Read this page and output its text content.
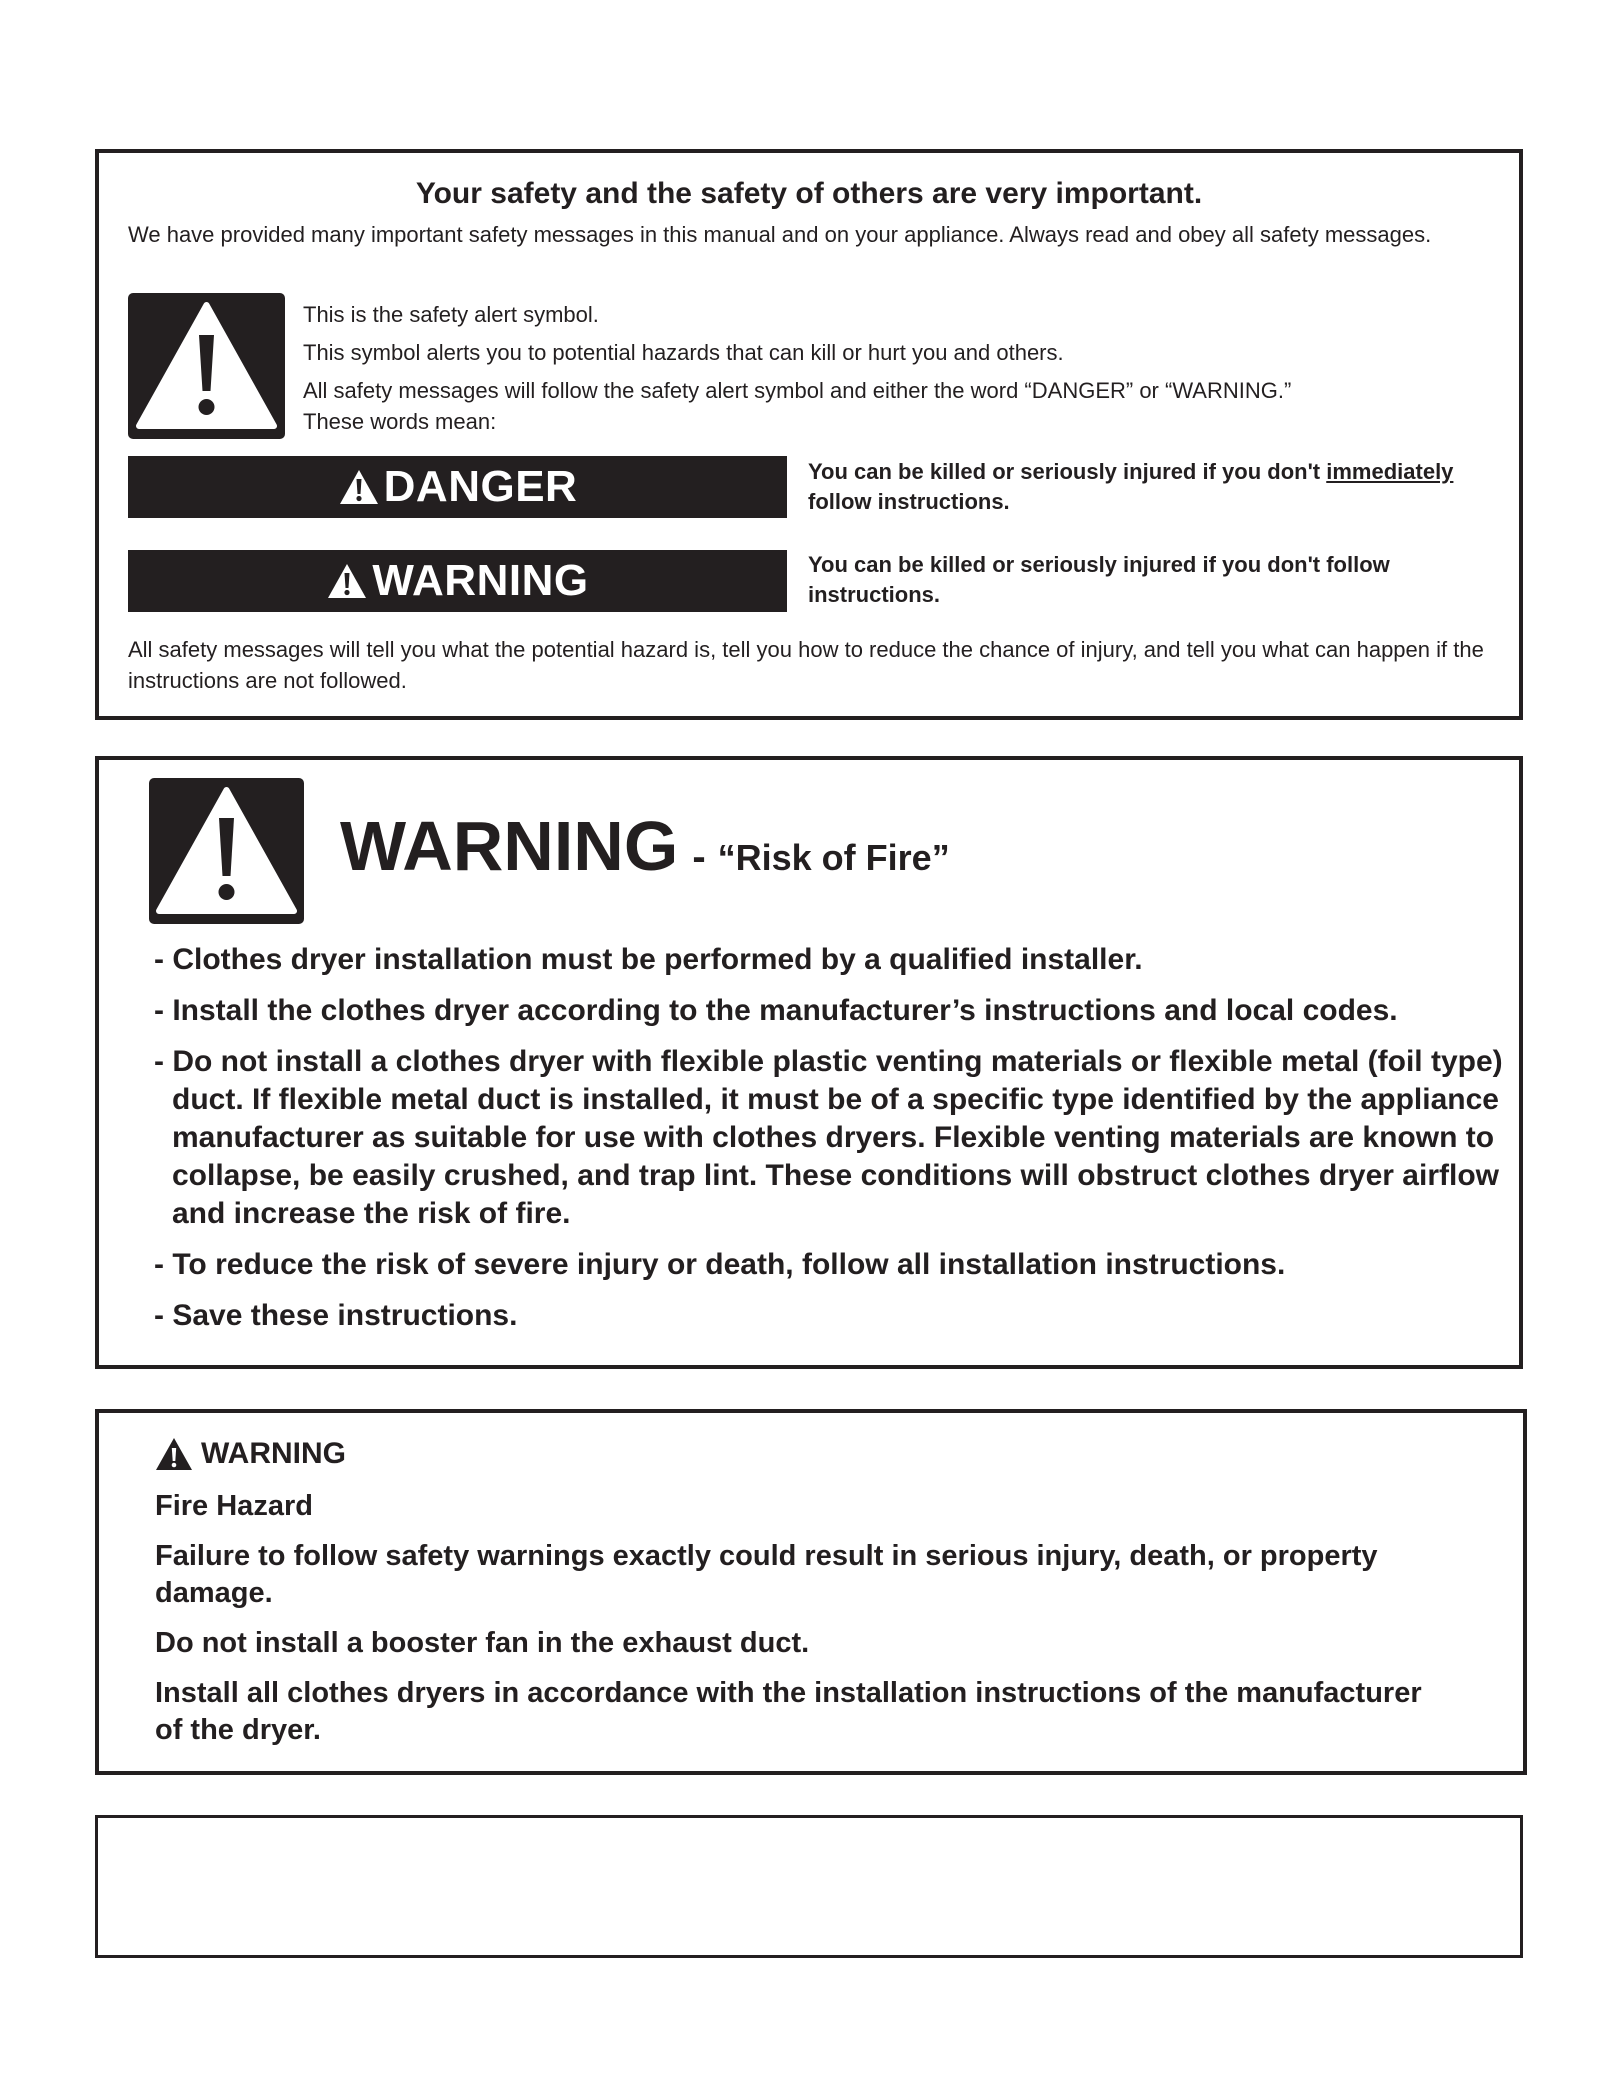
Your safety and the safety of others are very important.
We have provided many important safety messages in this manual and on your appliance. Always read and obey all safety messages.

This is the safety alert symbol.

This symbol alerts you to potential hazards that can kill or hurt you and others.

All safety messages will follow the safety alert symbol and either the word “DANGER” or “WARNING.”

These words mean:

DANGER	You can be killed or seriously injured if you don't immediately follow instructions.
WARNING	You can be killed or seriously injured if you don't follow instructions.
All safety messages will tell you what the potential hazard is, tell you how to reduce the chance of injury, and tell you what can happen if the instructions are not followed.
WARNING - “Risk of Fire”
- Clothes dryer installation must be performed by a qualified installer.
- Install the clothes dryer according to the manufacturer’s instructions and local codes.
- Do not install a clothes dryer with flexible plastic venting materials or flexible metal (foil type) duct. If flexible metal duct is installed, it must be of a specific type identified by the appliance manufacturer as suitable for use with clothes dryers. Flexible venting materials are known to collapse, be easily crushed, and trap lint. These conditions will obstruct clothes dryer airflow and increase the risk of fire.
- To reduce the risk of severe injury or death, follow all installation instructions.
- Save these instructions.
WARNING

Fire Hazard

Failure to follow safety warnings exactly could result in serious injury, death, or property damage.

Do not install a booster fan in the exhaust duct.

Install all clothes dryers in accordance with the installation instructions of the manufacturer of the dryer.
